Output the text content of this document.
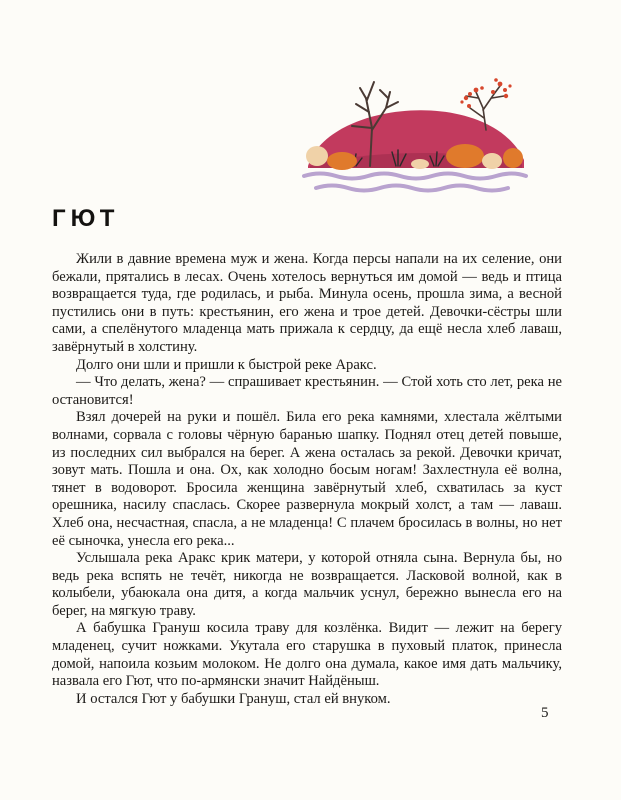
ГЮТ

Жили в давние времена муж и жена. Когда персы напали на их селение, они бежали, прятались в лесах. Очень хотелось вернуться им домой — ведь и птица возвращается туда, где родилась, и рыба. Минула осень, прошла зима, а весной пустились они в путь: крестьянин, его жена и трое детей. Девочки-сёстры шли сами, а спелёнутого младенца мать прижала к сердцу, да ещё несла хлеб лаваш, завёрнутый в холстину.

Долго они шли и пришли к быстрой реке Аракс.

— Что делать, жена? — спрашивает крестьянин. — Стой хоть сто лет, река не остановится!

Взял дочерей на руки и пошёл. Била его река камнями, хлестала жёлтыми волнами, сорвала с головы чёрную баранью шапку. Поднял отец детей повыше, из последних сил выбрался на берег. А жена осталась за рекой. Девочки кричат, зовут мать. Пошла и она. Ох, как холодно босым ногам! Захлестнула её волна, тянет в водоворот. Бросила женщина завёрнутый хлеб, схватилась за куст орешника, насилу спаслась. Скорее развернула мокрый холст, а там — лаваш. Хлеб она, несчастная, спасла, а не младенца! С плачем бросилась в волны, но нет её сыночка, унесла его река...

Услышала река Аракс крик матери, у которой отняла сына. Вернула бы, но ведь река вспять не течёт, никогда не возвращается. Ласковой волной, как в колыбели, убаюкала она дитя, а когда мальчик уснул, бережно вынесла его на берег, на мягкую траву.

А бабушка Грануш косила траву для козлёнка. Видит — лежит на берегу младенец, сучит ножками. Укутала его старушка в пуховый платок, принесла домой, напоила козьим молоком. Не долго она думала, какое имя дать мальчику, назвала его Гют, что по-армянски значит Найдёныш.

И остался Гют у бабушки Грануш, стал ей внуком.

5
